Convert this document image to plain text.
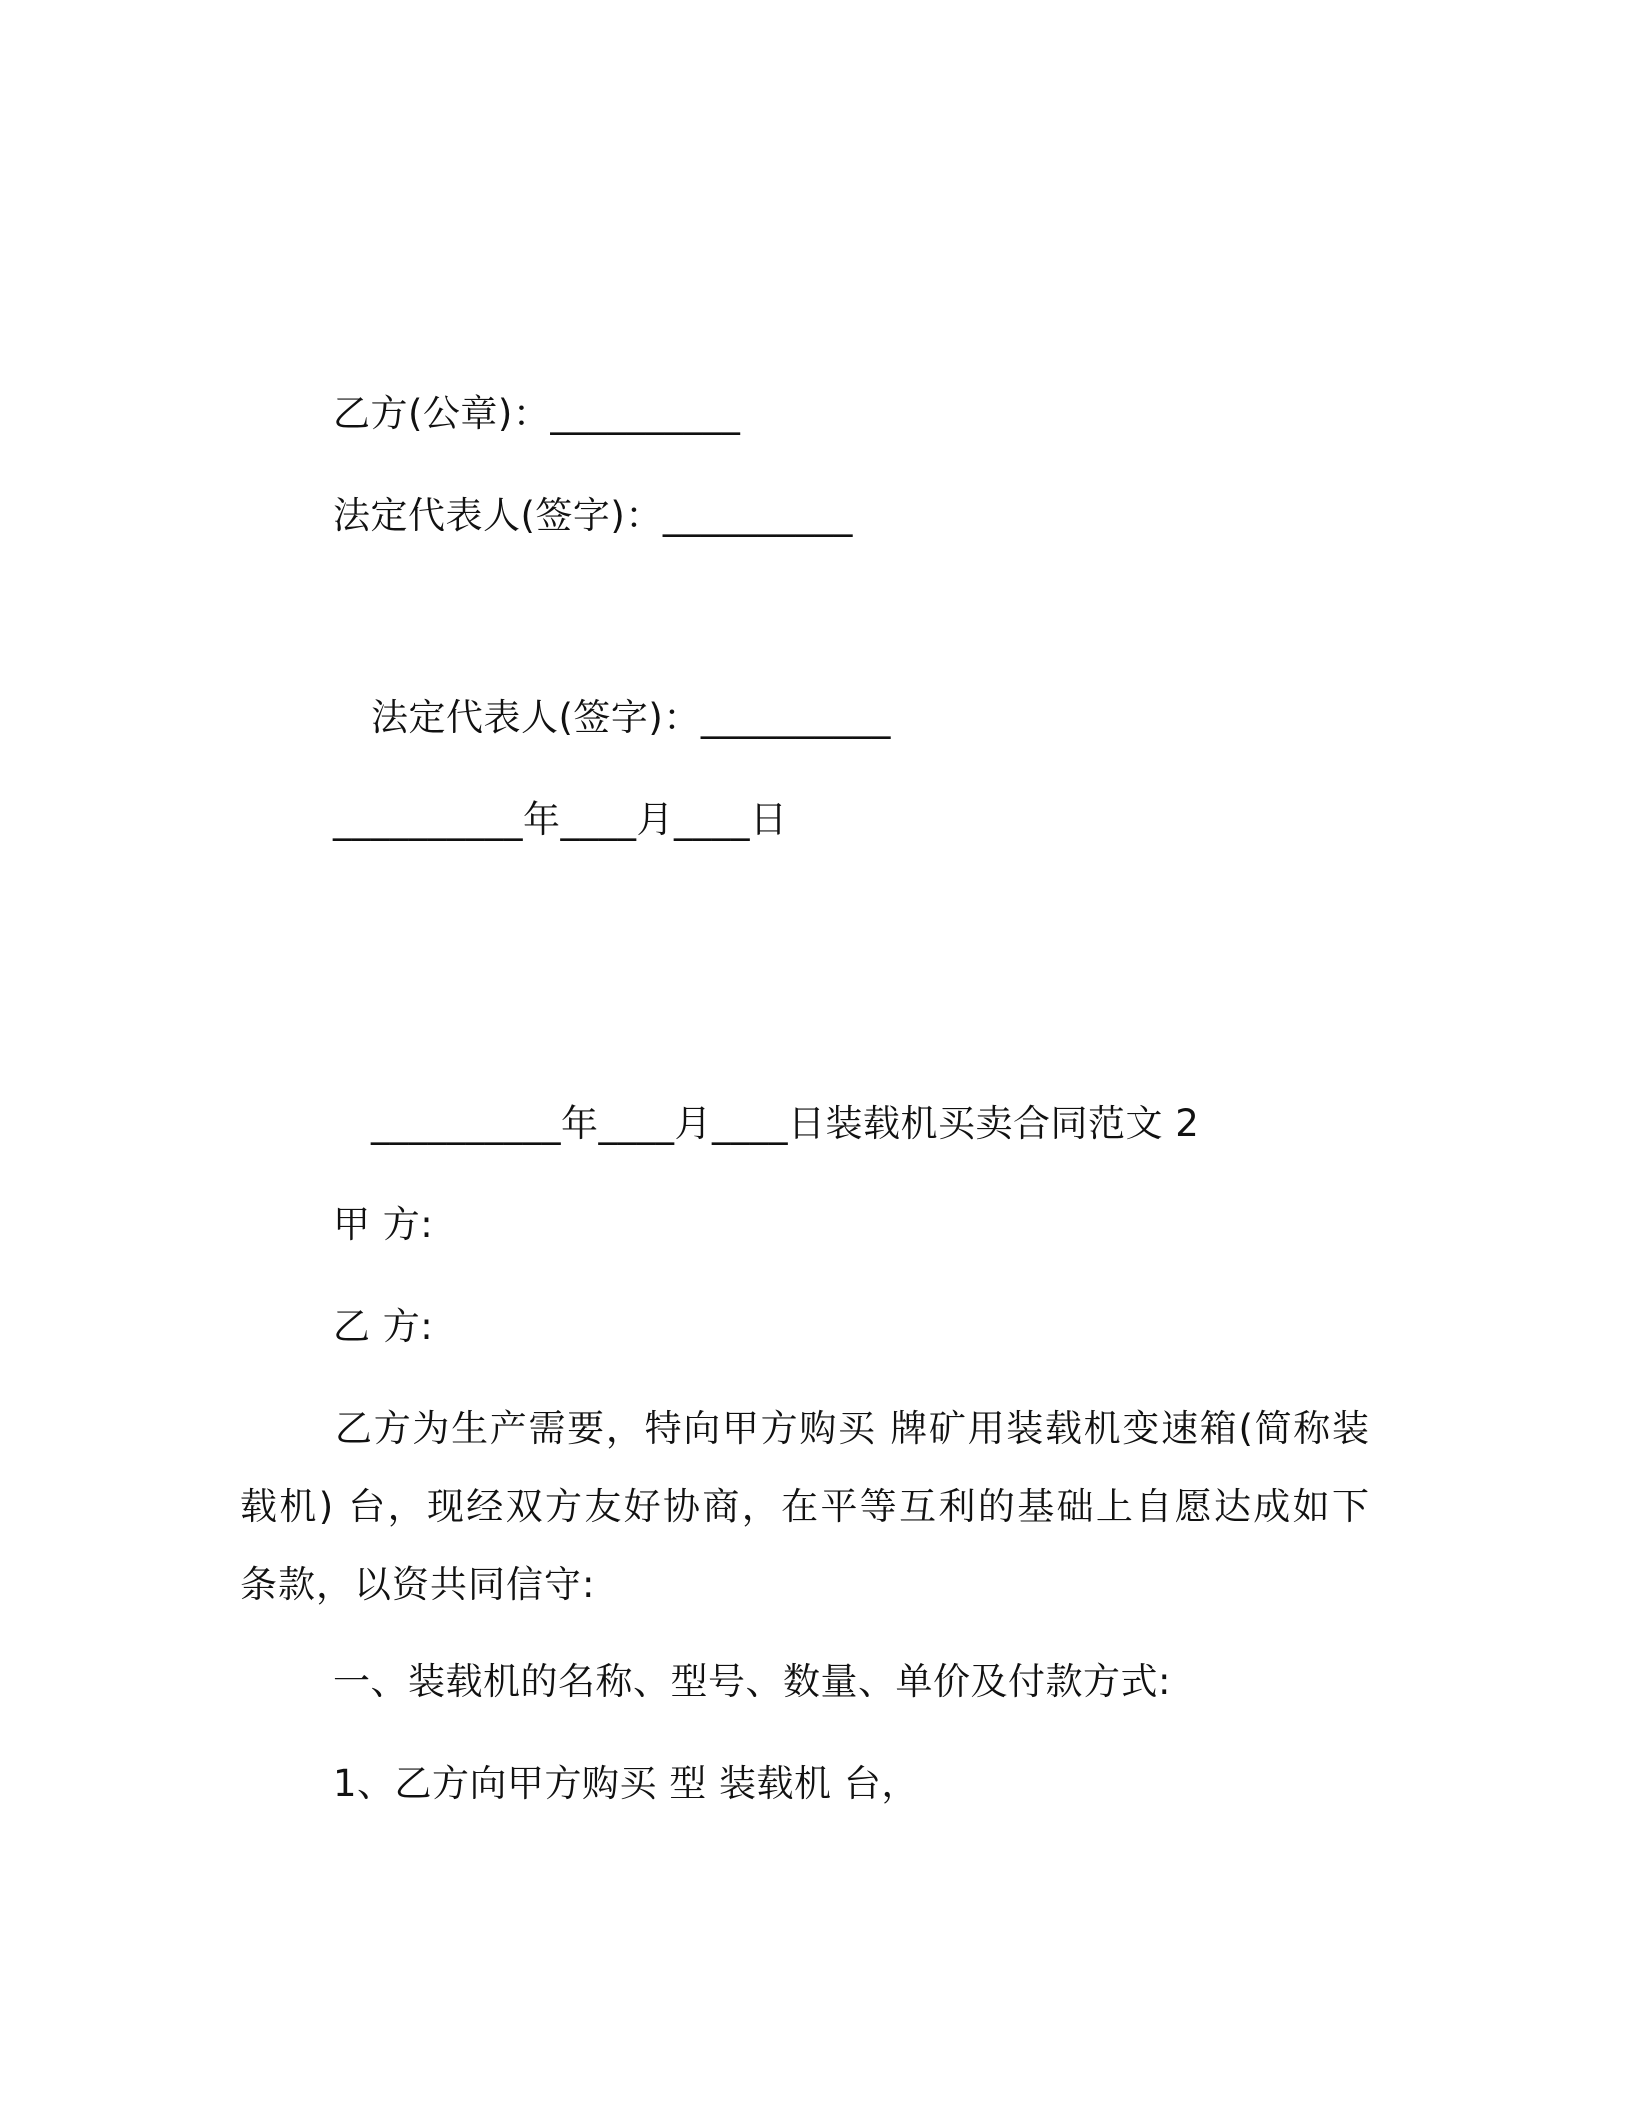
乙方(公章)：__________
法定代表人(签字)：__________
法定代表人(签字)：__________
__________年____月____日
__________年____月____日装载机买卖合同范文 2
甲 方:
乙 方:
乙方为生产需要，特向甲方购买 牌矿用装载机变速箱(简称装载机) 台，现经双方友好协商，在平等互利的基础上自愿达成如下条款，以资共同信守:
一、装载机的名称、型号、数量、单价及付款方式:
1、乙方向甲方购买 型 装载机 台，
